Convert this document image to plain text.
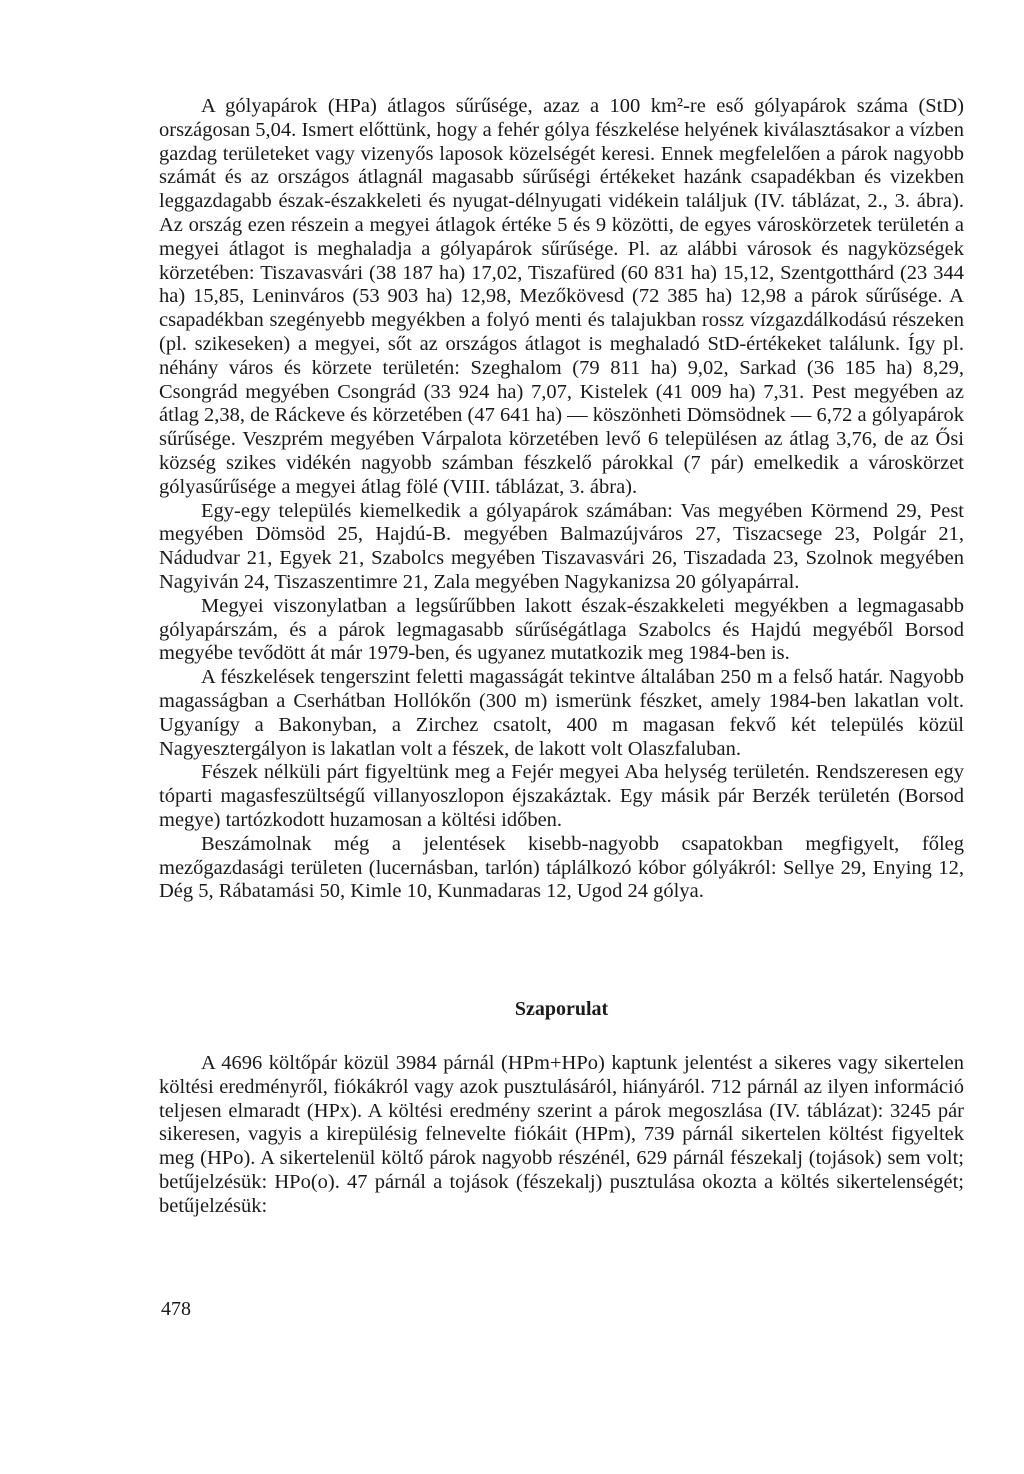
A gólyapárok (HPa) átlagos sűrűsége, azaz a 100 km²-re eső gólyapárok száma (StD) országosan 5,04. Ismert előttünk, hogy a fehér gólya fészkelése helyének kiválasztásakor a vízben gazdag területeket vagy vizenyős laposok közelségét keresi. Ennek megfelelően a párok nagyobb számát és az országos átlagnál magasabb sűrűségi értékeket hazánk csapadékban és vizekben leggazdagabb észak-északkeleti és nyugat-délnyugati vidékein találjuk (IV. táblázat, 2., 3. ábra). Az ország ezen részein a megyei átlagok értéke 5 és 9 közötti, de egyes városkörzetek területén a megyei átlagot is meghaladja a gólyapárok sűrűsége. Pl. az alábbi városok és nagyközségek körzetében: Tiszavasvári (38 187 ha) 17,02, Tiszafüred (60 831 ha) 15,12, Szentgotthárd (23 344 ha) 15,85, Leninváros (53 903 ha) 12,98, Mezőkövesd (72 385 ha) 12,98 a párok sűrűsége. A csapadékban szegényebb megyékben a folyó menti és talajukban rossz vízgazdálkodású részeken (pl. szikeseken) a megyei, sőt az országos átlagot is meghaladó StD-értékeket találunk. Így pl. néhány város és körzete területén: Szeghalom (79 811 ha) 9,02, Sarkad (36 185 ha) 8,29, Csongrád megyében Csongrád (33 924 ha) 7,07, Kistelek (41 009 ha) 7,31. Pest megyében az átlag 2,38, de Ráckeve és körzetében (47 641 ha) — köszönheti Dömsödnek — 6,72 a gólyapárok sűrűsége. Veszprém megyében Várpalota körzetében levő 6 településen az átlag 3,76, de az Ősi község szikes vidékén nagyobb számban fészkelő párokkal (7 pár) emelkedik a városkörzet gólyasűrűsége a megyei átlag fölé (VIII. táblázat, 3. ábra).

Egy-egy település kiemelkedik a gólyapárok számában: Vas megyében Körmend 29, Pest megyében Dömsöd 25, Hajdú-B. megyében Balmazújváros 27, Tiszacsege 23, Polgár 21, Nádudvar 21, Egyek 21, Szabolcs megyében Tiszavasvári 26, Tiszadada 23, Szolnok megyében Nagyiván 24, Tiszaszentimre 21, Zala megyében Nagykanizsa 20 gólyapárral.

Megyei viszonylatban a legsűrűbben lakott észak-északkeleti megyékben a legmagasabb gólyapárszám, és a párok legmagasabb sűrűségátlaga Szabolcs és Hajdú megyéből Borsod megyébe tevődött át már 1979-ben, és ugyanez mutatkozik meg 1984-ben is.

A fészkelések tengerszint feletti magasságát tekintve általában 250 m a felső határ. Nagyobb magasságban a Cserhátban Hollókőn (300 m) ismerünk fészket, amely 1984-ben lakatlan volt. Ugyanígy a Bakonyban, a Zirchez csatolt, 400 m magasan fekvő két település közül Nagyesztergályon is lakatlan volt a fészek, de lakott volt Olaszfaluban.

Fészek nélküli párt figyeltünk meg a Fejér megyei Aba helység területén. Rendszeresen egy tóparti magasfeszültségű villanyoszlopon éjszakáztak. Egy másik pár Berzék területén (Borsod megye) tartózkodott huzamosan a költési időben.

Beszámolnak még a jelentések kisebb-nagyobb csapatokban megfigyelt, főleg mezőgazdasági területen (lucernásban, tarlón) táplálkozó kóbor gólyákról: Sellye 29, Enying 12, Dég 5, Rábatamási 50, Kimle 10, Kunmadaras 12, Ugod 24 gólya.

Szaporulat

A 4696 költőpár közül 3984 párnál (HPm+HPo) kaptunk jelentést a sikeres vagy sikertelen költési eredményről, fiókákról vagy azok pusztulásáról, hiányáról. 712 párnál az ilyen információ teljesen elmaradt (HPx). A költési eredmény szerint a párok megoszlása (IV. táblázat): 3245 pár sikeresen, vagyis a kirepülésig felnevelte fiókáit (HPm), 739 párnál sikertelen költést figyeltek meg (HPo). A sikertelenül költő párok nagyobb részénél, 629 párnál fészekalj (tojások) sem volt; betűjelzésük: HPo(o). 47 párnál a tojások (fészekalj) pusztulása okozta a költés sikertelenségét; betűjelzésük:

478
